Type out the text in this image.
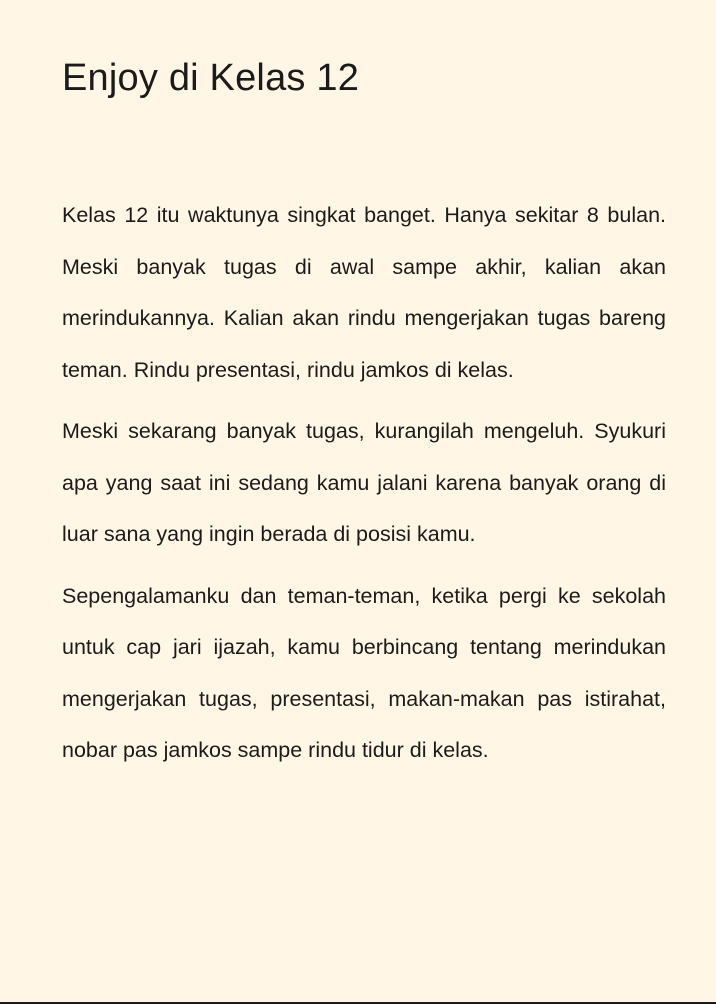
Enjoy di Kelas 12

Kelas 12 itu waktunya singkat banget. Hanya sekitar 8 bulan. Meski banyak tugas di awal sampe akhir, kalian akan merindukannya. Kalian akan rindu mengerjakan tugas bareng teman. Rindu presentasi, rindu jamkos di kelas.

Meski sekarang banyak tugas, kurangilah mengeluh. Syukuri apa yang saat ini sedang kamu jalani karena banyak orang di luar sana yang ingin berada di posisi kamu.

Sepengalamanku dan teman-teman, ketika pergi ke sekolah untuk cap jari ijazah, kamu berbincang tentang merindukan mengerjakan tugas, presentasi, makan-makan pas istirahat, nobar pas jamkos sampe rindu tidur di kelas.
